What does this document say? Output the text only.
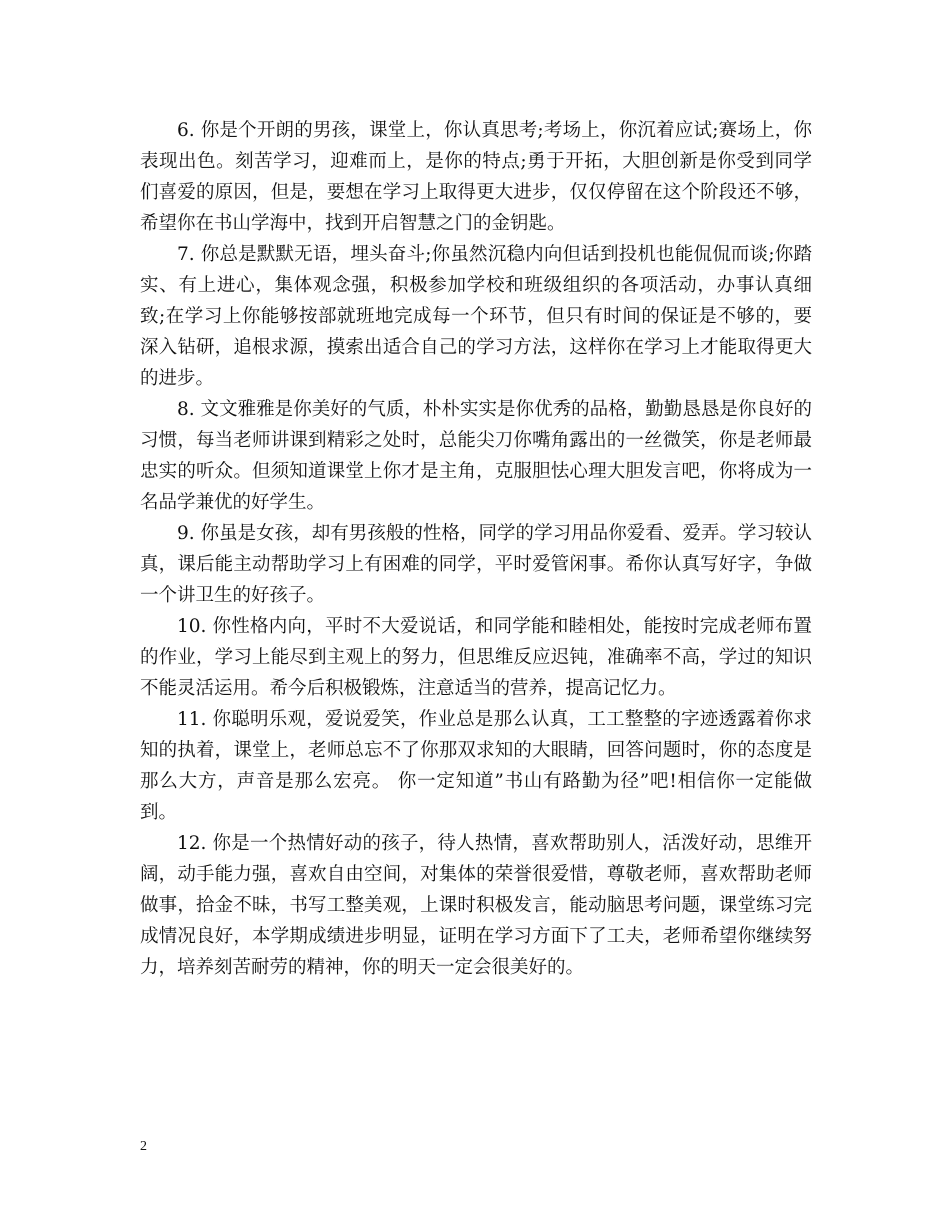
6. 你是个开朗的男孩，课堂上，你认真思考;考场上，你沉着应试;赛场上，你表现出色。刻苦学习，迎难而上，是你的特点;勇于开拓，大胆创新是你受到同学们喜爱的原因，但是，要想在学习上取得更大进步，仅仅停留在这个阶段还不够，希望你在书山学海中，找到开启智慧之门的金钥匙。

7. 你总是默默无语，埋头奋斗;你虽然沉稳内向但话到投机也能侃侃而谈;你踏实、有上进心，集体观念强，积极参加学校和班级组织的各项活动，办事认真细致;在学习上你能够按部就班地完成每一个环节，但只有时间的保证是不够的，要深入钻研，追根求源，摸索出适合自己的学习方法，这样你在学习上才能取得更大的进步。

8. 文文雅雅是你美好的气质，朴朴实实是你优秀的品格，勤勤恳恳是你良好的习惯，每当老师讲课到精彩之处时，总能尖刀你嘴角露出的一丝微笑，你是老师最忠实的听众。但须知道课堂上你才是主角，克服胆怯心理大胆发言吧，你将成为一名品学兼优的好学生。

9. 你虽是女孩，却有男孩般的性格，同学的学习用品你爱看、爱弄。学习较认真，课后能主动帮助学习上有困难的同学，平时爱管闲事。希你认真写好字，争做一个讲卫生的好孩子。

10. 你性格内向，平时不大爱说话，和同学能和睦相处，能按时完成老师布置的作业，学习上能尽到主观上的努力，但思维反应迟钝，准确率不高，学过的知识不能灵活运用。希今后积极锻炼，注意适当的营养，提高记忆力。

11. 你聪明乐观，爱说爱笑，作业总是那么认真，工工整整的字迹透露着你求知的执着，课堂上，老师总忘不了你那双求知的大眼睛，回答问题时，你的态度是那么大方，声音是那么宏亮。 你一定知道”书山有路勤为径”吧!相信你一定能做到。

12. 你是一个热情好动的孩子，待人热情，喜欢帮助别人，活泼好动，思维开阔，动手能力强，喜欢自由空间，对集体的荣誉很爱惜，尊敬老师，喜欢帮助老师做事，拾金不昧，书写工整美观，上课时积极发言，能动脑思考问题，课堂练习完成情况良好，本学期成绩进步明显，证明在学习方面下了工夫，老师希望你继续努力，培养刻苦耐劳的精神，你的明天一定会很美好的。

2
